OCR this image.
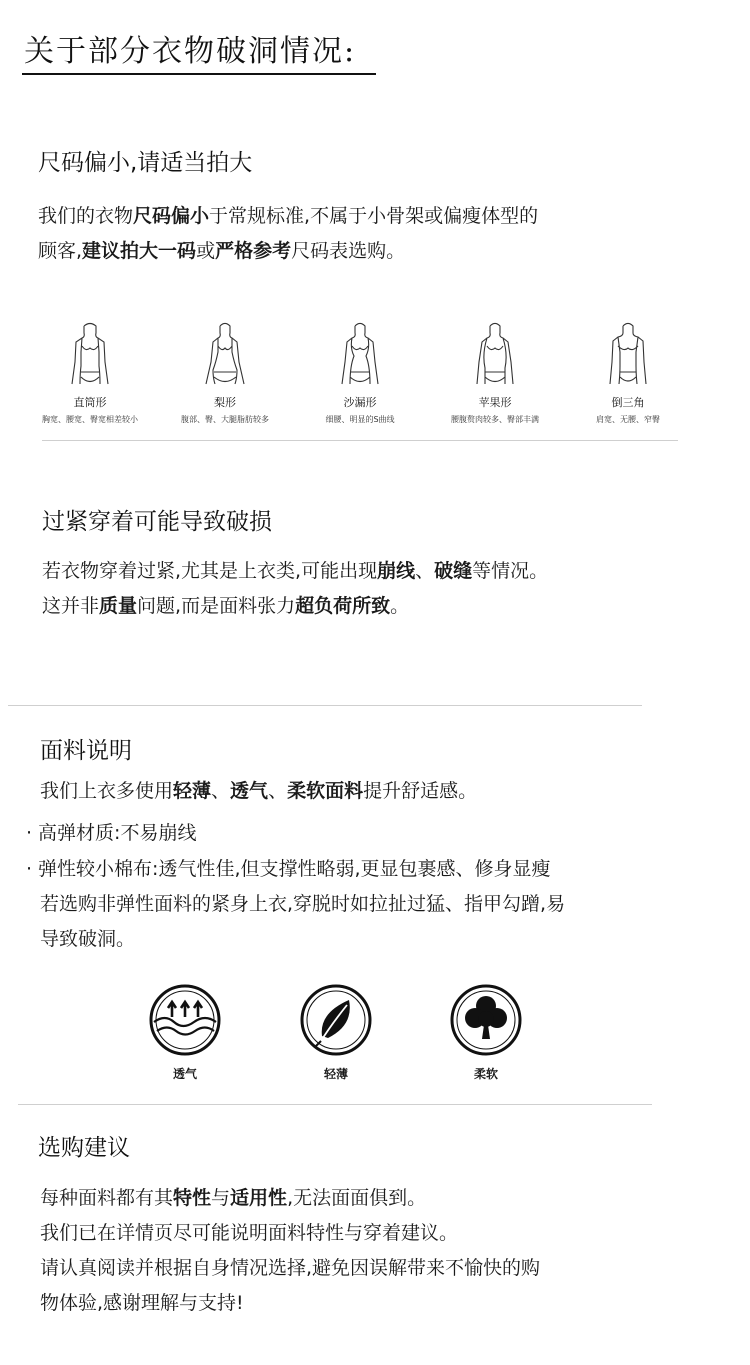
关于部分衣物破洞情况:
尺码偏小,请适当拍大
我们的衣物尺码偏小于常规标准,不属于小骨架或偏瘦体型的
顾客,建议拍大一码或严格参考尺码表选购。
直筒形
胸宽、腰宽、臀宽相差较小
梨形
腹部、臀、大腿脂肪较多
沙漏形
细腰、明显的S曲线
苹果形
腰腹赘肉较多、臀部丰满
倒三角
肩宽、无腰、窄臀
过紧穿着可能导致破损
若衣物穿着过紧,尤其是上衣类,可能出现崩线、破缝等情况。
这并非质量问题,而是面料张力超负荷所致。
面料说明
我们上衣多使用轻薄、透气、柔软面料提升舒适感。
· 高弹材质:不易崩线
· 弹性较小棉布:透气性佳,但支撑性略弱,更显包裹感、修身显瘦
若选购非弹性面料的紧身上衣,穿脱时如拉扯过猛、指甲勾蹭,易
导致破洞。
透气	轻薄	柔软
选购建议
每种面料都有其特性与适用性,无法面面俱到。
我们已在详情页尽可能说明面料特性与穿着建议。
请认真阅读并根据自身情况选择,避免因误解带来不愉快的购
物体验,感谢理解与支持!
